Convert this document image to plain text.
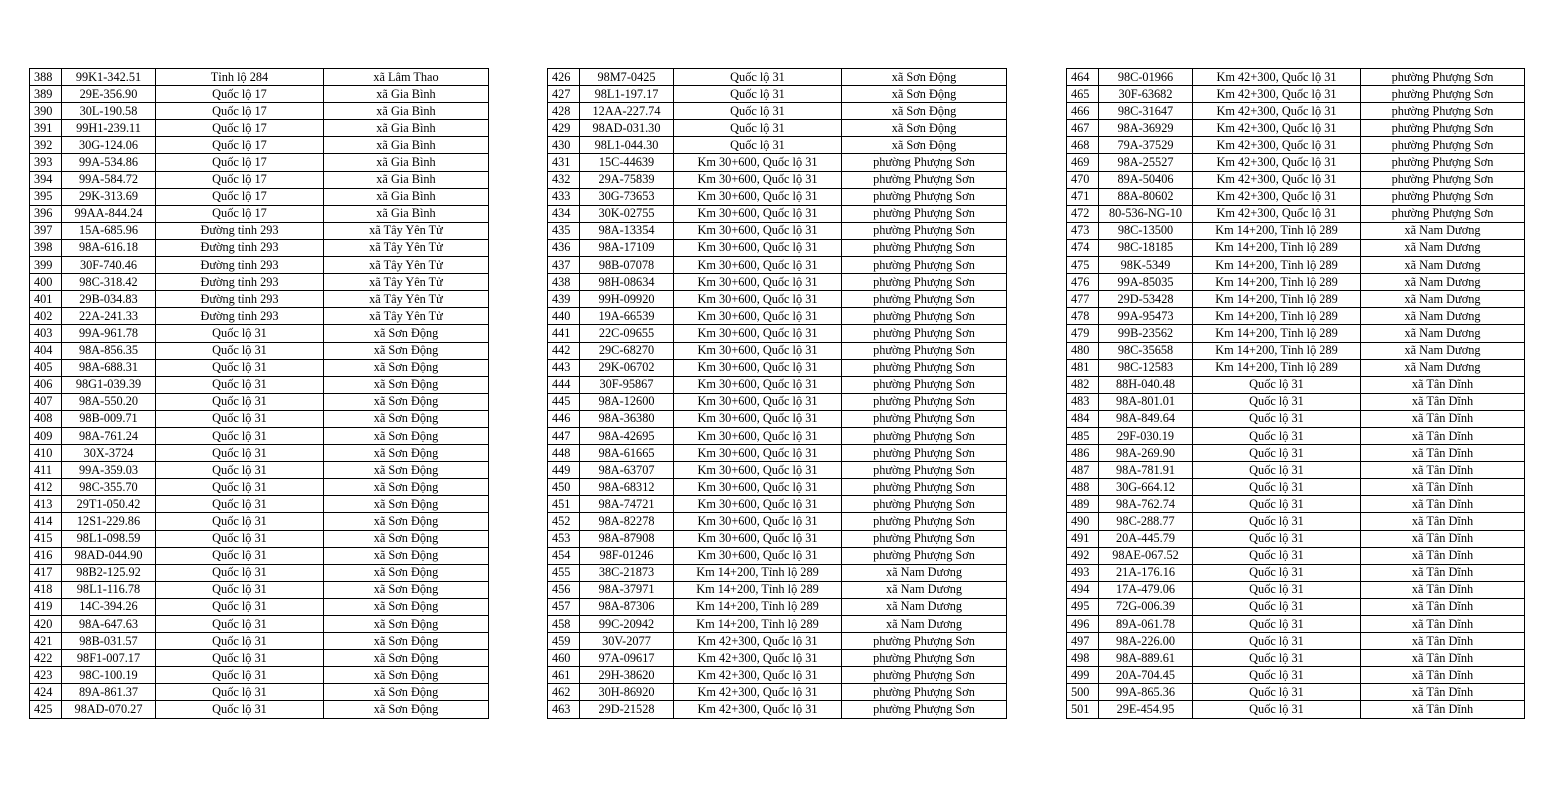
388	99K1-342.51	Tỉnh lộ 284	xã Lâm Thao
389	29E-356.90	Quốc lộ 17	xã Gia Bình
390	30L-190.58	Quốc lộ 17	xã Gia Bình
391	99H1-239.11	Quốc lộ 17	xã Gia Bình
392	30G-124.06	Quốc lộ 17	xã Gia Bình
393	99A-534.86	Quốc lộ 17	xã Gia Bình
394	99A-584.72	Quốc lộ 17	xã Gia Bình
395	29K-313.69	Quốc lộ 17	xã Gia Bình
396	99AA-844.24	Quốc lộ 17	xã Gia Bình
397	15A-685.96	Đường tỉnh 293	xã Tây Yên Tử
398	98A-616.18	Đường tỉnh 293	xã Tây Yên Tử
399	30F-740.46	Đường tỉnh 293	xã Tây Yên Tử
400	98C-318.42	Đường tỉnh 293	xã Tây Yên Tử
401	29B-034.83	Đường tỉnh 293	xã Tây Yên Tử
402	22A-241.33	Đường tỉnh 293	xã Tây Yên Tử
403	99A-961.78	Quốc lộ 31	xã Sơn Động
404	98A-856.35	Quốc lộ 31	xã Sơn Động
405	98A-688.31	Quốc lộ 31	xã Sơn Động
406	98G1-039.39	Quốc lộ 31	xã Sơn Động
407	98A-550.20	Quốc lộ 31	xã Sơn Động
408	98B-009.71	Quốc lộ 31	xã Sơn Động
409	98A-761.24	Quốc lộ 31	xã Sơn Động
410	30X-3724	Quốc lộ 31	xã Sơn Động
411	99A-359.03	Quốc lộ 31	xã Sơn Động
412	98C-355.70	Quốc lộ 31	xã Sơn Động
413	29T1-050.42	Quốc lộ 31	xã Sơn Động
414	12S1-229.86	Quốc lộ 31	xã Sơn Động
415	98L1-098.59	Quốc lộ 31	xã Sơn Động
416	98AD-044.90	Quốc lộ 31	xã Sơn Động
417	98B2-125.92	Quốc lộ 31	xã Sơn Động
418	98L1-116.78	Quốc lộ 31	xã Sơn Động
419	14C-394.26	Quốc lộ 31	xã Sơn Động
420	98A-647.63	Quốc lộ 31	xã Sơn Động
421	98B-031.57	Quốc lộ 31	xã Sơn Động
422	98F1-007.17	Quốc lộ 31	xã Sơn Động
423	98C-100.19	Quốc lộ 31	xã Sơn Động
424	89A-861.37	Quốc lộ 31	xã Sơn Động
425	98AD-070.27	Quốc lộ 31	xã Sơn Động
426	98M7-0425	Quốc lộ 31	xã Sơn Động
427	98L1-197.17	Quốc lộ 31	xã Sơn Động
428	12AA-227.74	Quốc lộ 31	xã Sơn Động
429	98AD-031.30	Quốc lộ 31	xã Sơn Động
430	98L1-044.30	Quốc lộ 31	xã Sơn Động
431	15C-44639	Km 30+600, Quốc lộ 31	phường Phượng Sơn
432	29A-75839	Km 30+600, Quốc lộ 31	phường Phượng Sơn
433	30G-73653	Km 30+600, Quốc lộ 31	phường Phượng Sơn
434	30K-02755	Km 30+600, Quốc lộ 31	phường Phượng Sơn
435	98A-13354	Km 30+600, Quốc lộ 31	phường Phượng Sơn
436	98A-17109	Km 30+600, Quốc lộ 31	phường Phượng Sơn
437	98B-07078	Km 30+600, Quốc lộ 31	phường Phượng Sơn
438	98H-08634	Km 30+600, Quốc lộ 31	phường Phượng Sơn
439	99H-09920	Km 30+600, Quốc lộ 31	phường Phượng Sơn
440	19A-66539	Km 30+600, Quốc lộ 31	phường Phượng Sơn
441	22C-09655	Km 30+600, Quốc lộ 31	phường Phượng Sơn
442	29C-68270	Km 30+600, Quốc lộ 31	phường Phượng Sơn
443	29K-06702	Km 30+600, Quốc lộ 31	phường Phượng Sơn
444	30F-95867	Km 30+600, Quốc lộ 31	phường Phượng Sơn
445	98A-12600	Km 30+600, Quốc lộ 31	phường Phượng Sơn
446	98A-36380	Km 30+600, Quốc lộ 31	phường Phượng Sơn
447	98A-42695	Km 30+600, Quốc lộ 31	phường Phượng Sơn
448	98A-61665	Km 30+600, Quốc lộ 31	phường Phượng Sơn
449	98A-63707	Km 30+600, Quốc lộ 31	phường Phượng Sơn
450	98A-68312	Km 30+600, Quốc lộ 31	phường Phượng Sơn
451	98A-74721	Km 30+600, Quốc lộ 31	phường Phượng Sơn
452	98A-82278	Km 30+600, Quốc lộ 31	phường Phượng Sơn
453	98A-87908	Km 30+600, Quốc lộ 31	phường Phượng Sơn
454	98F-01246	Km 30+600, Quốc lộ 31	phường Phượng Sơn
455	38C-21873	Km 14+200, Tỉnh lộ 289	xã Nam Dương
456	98A-37971	Km 14+200, Tỉnh lộ 289	xã Nam Dương
457	98A-87306	Km 14+200, Tỉnh lộ 289	xã Nam Dương
458	99C-20942	Km 14+200, Tỉnh lộ 289	xã Nam Dương
459	30V-2077	Km 42+300, Quốc lộ 31	phường Phượng Sơn
460	97A-09617	Km 42+300, Quốc lộ 31	phường Phượng Sơn
461	29H-38620	Km 42+300, Quốc lộ 31	phường Phượng Sơn
462	30H-86920	Km 42+300, Quốc lộ 31	phường Phượng Sơn
463	29D-21528	Km 42+300, Quốc lộ 31	phường Phượng Sơn
464	98C-01966	Km 42+300, Quốc lộ 31	phường Phượng Sơn
465	30F-63682	Km 42+300, Quốc lộ 31	phường Phượng Sơn
466	98C-31647	Km 42+300, Quốc lộ 31	phường Phượng Sơn
467	98A-36929	Km 42+300, Quốc lộ 31	phường Phượng Sơn
468	79A-37529	Km 42+300, Quốc lộ 31	phường Phượng Sơn
469	98A-25527	Km 42+300, Quốc lộ 31	phường Phượng Sơn
470	89A-50406	Km 42+300, Quốc lộ 31	phường Phượng Sơn
471	88A-80602	Km 42+300, Quốc lộ 31	phường Phượng Sơn
472	80-536-NG-10	Km 42+300, Quốc lộ 31	phường Phượng Sơn
473	98C-13500	Km 14+200, Tỉnh lộ 289	xã Nam Dương
474	98C-18185	Km 14+200, Tỉnh lộ 289	xã Nam Dương
475	98K-5349	Km 14+200, Tỉnh lộ 289	xã Nam Dương
476	99A-85035	Km 14+200, Tỉnh lộ 289	xã Nam Dương
477	29D-53428	Km 14+200, Tỉnh lộ 289	xã Nam Dương
478	99A-95473	Km 14+200, Tỉnh lộ 289	xã Nam Dương
479	99B-23562	Km 14+200, Tỉnh lộ 289	xã Nam Dương
480	98C-35658	Km 14+200, Tỉnh lộ 289	xã Nam Dương
481	98C-12583	Km 14+200, Tỉnh lộ 289	xã Nam Dương
482	88H-040.48	Quốc lộ 31	xã Tân Dĩnh
483	98A-801.01	Quốc lộ 31	xã Tân Dĩnh
484	98A-849.64	Quốc lộ 31	xã Tân Dĩnh
485	29F-030.19	Quốc lộ 31	xã Tân Dĩnh
486	98A-269.90	Quốc lộ 31	xã Tân Dĩnh
487	98A-781.91	Quốc lộ 31	xã Tân Dĩnh
488	30G-664.12	Quốc lộ 31	xã Tân Dĩnh
489	98A-762.74	Quốc lộ 31	xã Tân Dĩnh
490	98C-288.77	Quốc lộ 31	xã Tân Dĩnh
491	20A-445.79	Quốc lộ 31	xã Tân Dĩnh
492	98AE-067.52	Quốc lộ 31	xã Tân Dĩnh
493	21A-176.16	Quốc lộ 31	xã Tân Dĩnh
494	17A-479.06	Quốc lộ 31	xã Tân Dĩnh
495	72G-006.39	Quốc lộ 31	xã Tân Dĩnh
496	89A-061.78	Quốc lộ 31	xã Tân Dĩnh
497	98A-226.00	Quốc lộ 31	xã Tân Dĩnh
498	98A-889.61	Quốc lộ 31	xã Tân Dĩnh
499	20A-704.45	Quốc lộ 31	xã Tân Dĩnh
500	99A-865.36	Quốc lộ 31	xã Tân Dĩnh
501	29E-454.95	Quốc lộ 31	xã Tân Dĩnh
